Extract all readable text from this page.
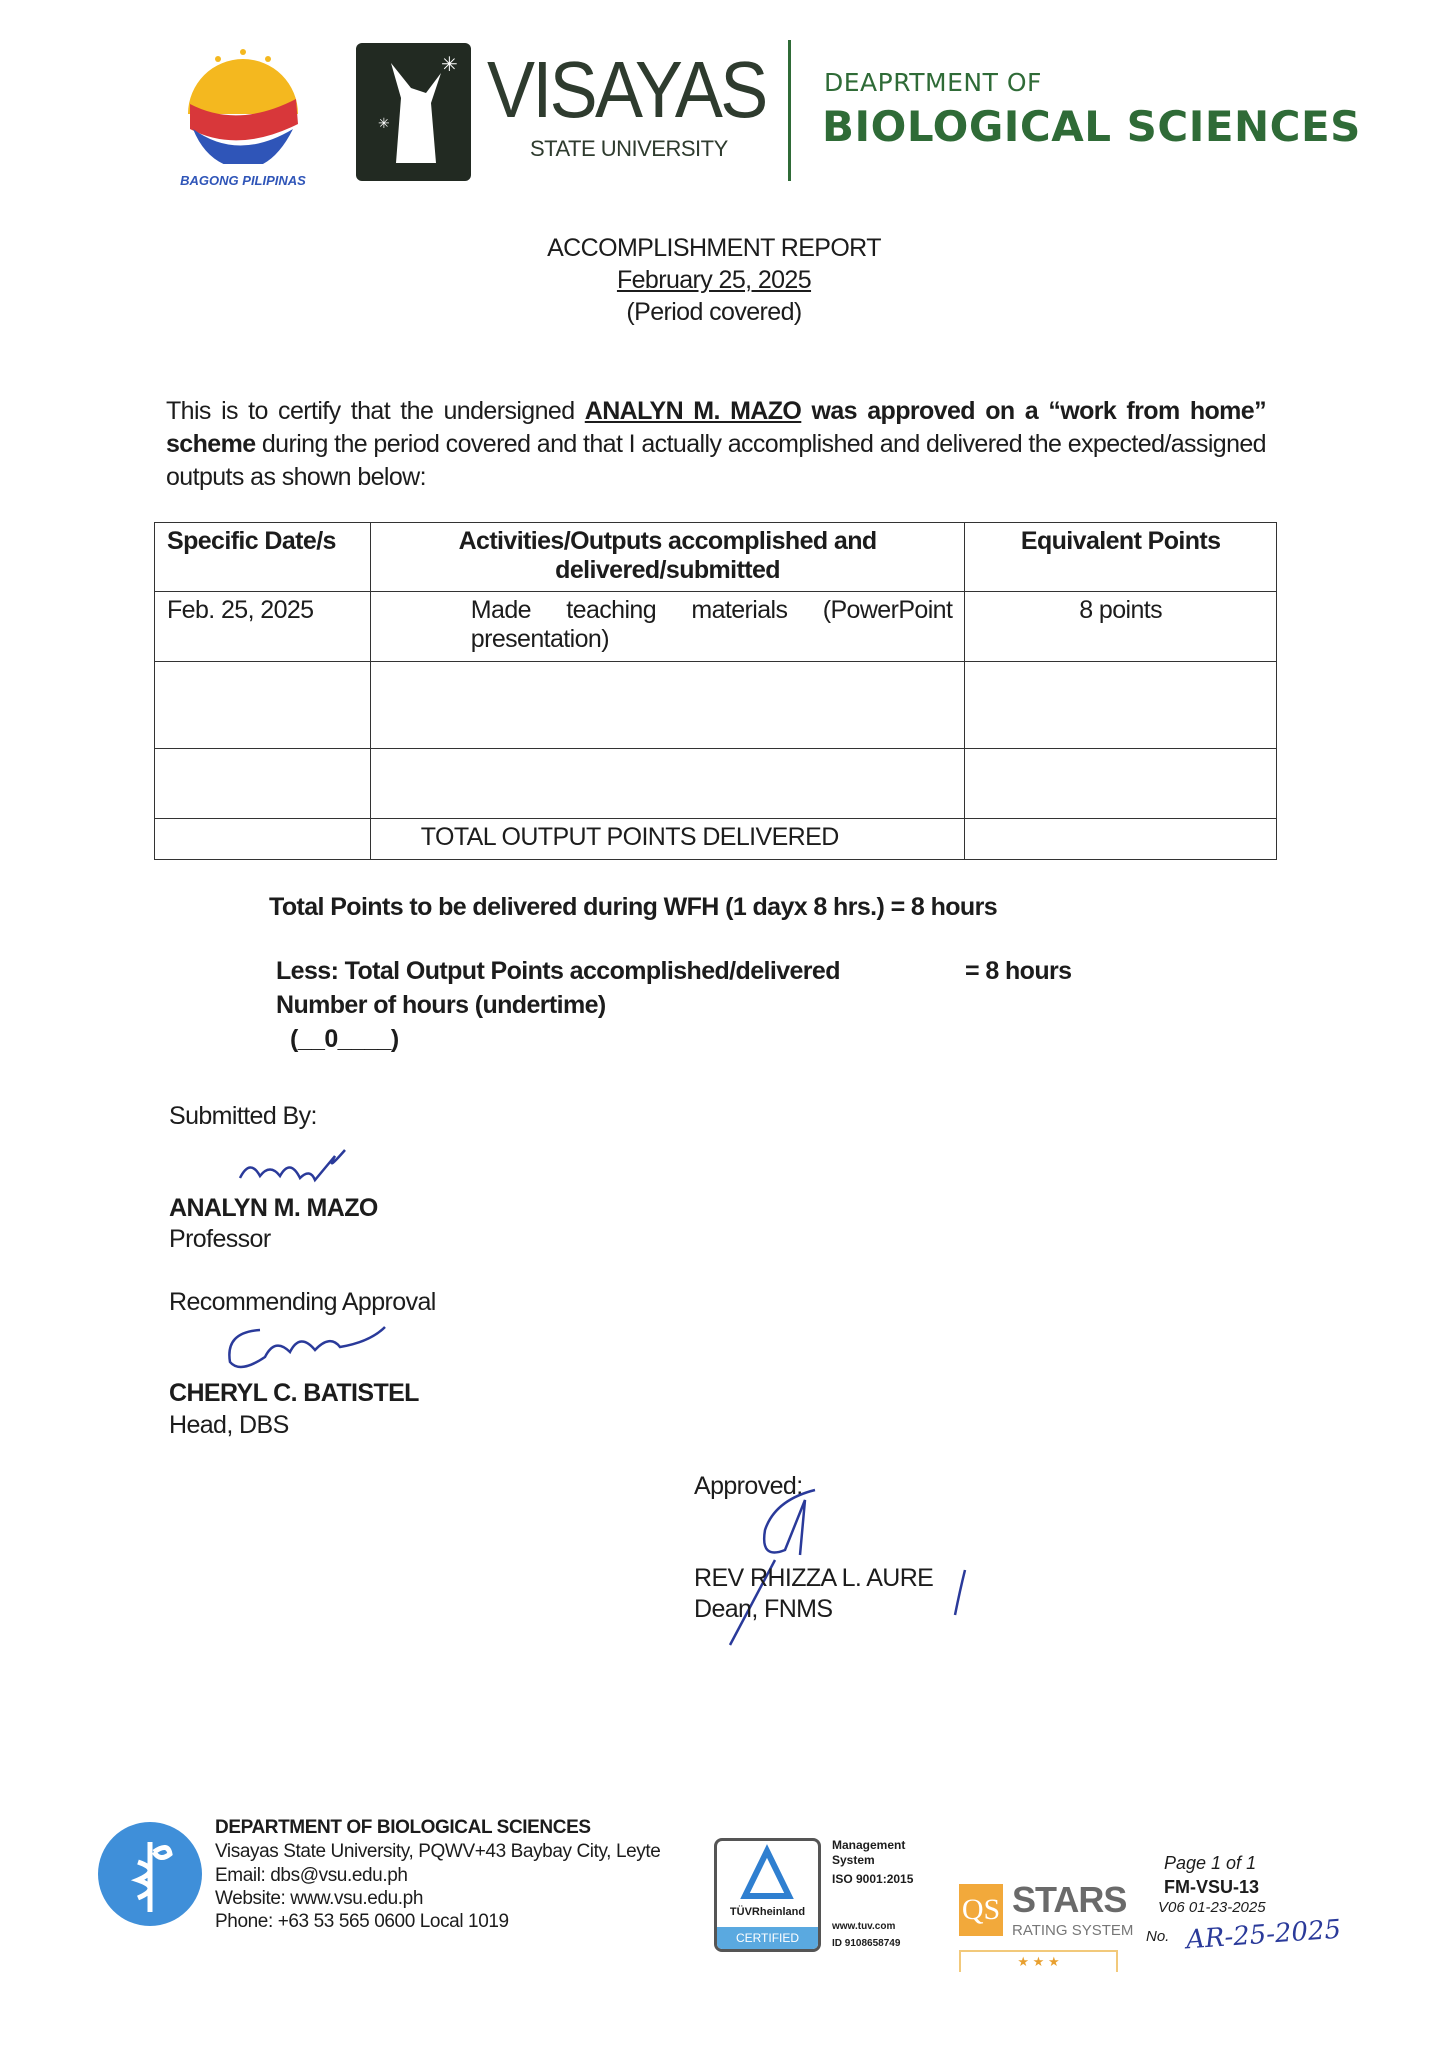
BAGONG PILIPINAS
✳
✳ VISAYAS
STATE UNIVERSITY
DEAPRTMENT OF
BIOLOGICAL SCIENCES
ACCOMPLISHMENT REPORT
February 25, 2025
(Period covered)
This is to certify that the undersigned ANALYN M. MAZO was approved on a “work from home” scheme during the period covered and that I actually accomplished and delivered the expected/assigned outputs as shown below:
Specific Date/s	Activities/Outputs accomplished and delivered/submitted	Equivalent Points
Feb. 25, 2025	Made teaching materials (PowerPoint presentation)	8 points

	TOTAL OUTPUT POINTS DELIVERED	
Total Points to be delivered during WFH (1 dayx 8 hrs.) = 8 hours
Less: Total Output Points accomplished/delivered	= 8 hours
Number of hours (undertime)
(__0____)
Submitted By:
ANALYN M. MAZO
Professor
Recommending Approval
CHERYL C. BATISTEL
Head, DBS
Approved:
REV RHIZZA L. AURE
Dean, FNMS
DEPARTMENT OF BIOLOGICAL SCIENCES
Visayas State University, PQWV+43 Baybay City, Leyte
Email: dbs@vsu.edu.ph
Website: www.vsu.edu.ph
Phone: +63 53 565 0600 Local 1019	TÜVRheinland
CERTIFIED
Management System
ISO 9001:2015
www.tuv.com
ID 9108658749
QS STARS
RATING SYSTEM
★ ★ ★
Page 1 of 1
FM-VSU-13
V06 01-23-2025
No. AR-25-2025
